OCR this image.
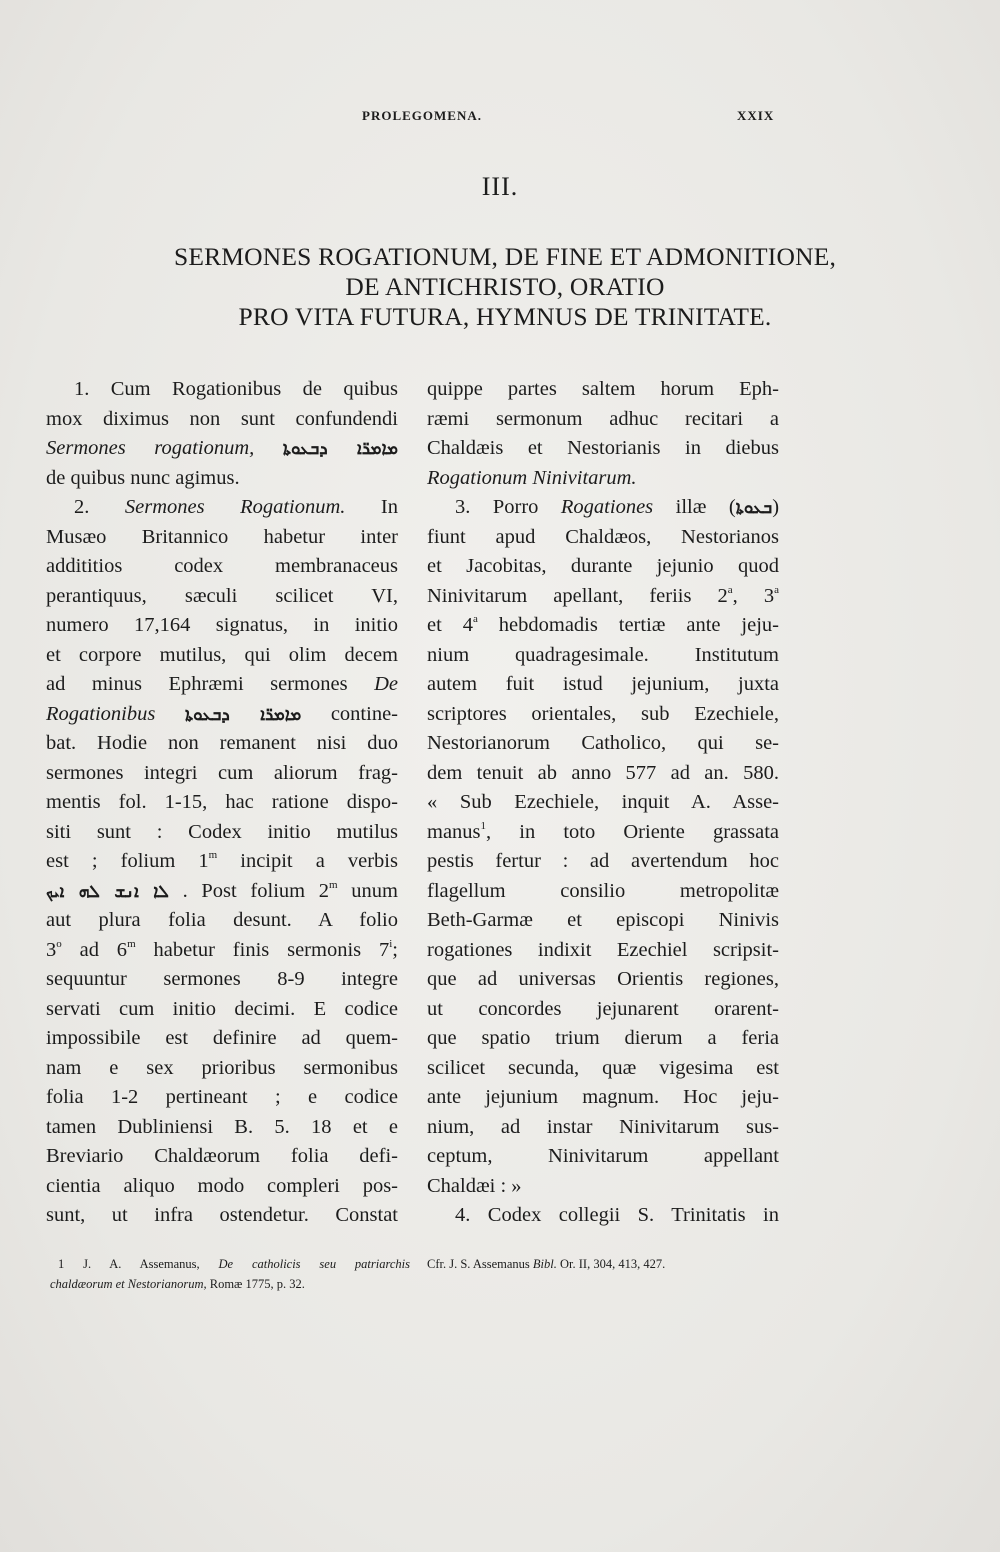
PROLEGOMENA.	XXIX
III.
SERMONES ROGATIONUM, DE FINE ET ADMONITIONE,
DE ANTICHRISTO, ORATIO
PRO VITA FUTURA, HYMNUS DE TRINITATE.
1. Cum Rogationibus de quibus
mox diximus non sunt confundendi
Sermones rogationum, ܡܐܡܪ̈ܐ ܕܒܥܘܬܐ
de quibus nunc agimus.
2. Sermones Rogationum. In
Musæo Britannico habetur inter
addititios codex membranaceus
perantiquus, sæculi scilicet VI,
numero 17,164 signatus, in initio
et corpore mutilus, qui olim decem
ad minus Ephræmi sermones De
Rogationibus ܡܐܡܪ̈ܐ ܕܒܥܘܬܐ contine-
bat. Hodie non remanent nisi duo
sermones integri cum aliorum frag-
mentis fol. 1-15, hac ratione dispo-
siti sunt : Codex initio mutilus
est ; folium 1$^m$ incipit a verbis
ܠܐ ܐܢܫ ܠܗ ܐܝܟ . Post folium 2$^m$ unum
aut plura folia desunt. A folio
3$^o$ ad 6$^m$ habetur finis sermonis 7$^i$;
sequuntur sermones 8-9 integre
servati cum initio decimi. E codice
impossibile est definire ad quem-
nam e sex prioribus sermonibus
folia 1-2 pertineant ; e codice
tamen Dubliniensi B. 5. 18 et e
Breviario Chaldæorum folia defi-
cientia aliquo modo compleri pos-
sunt, ut infra ostendetur. Constat
quippe partes saltem horum Eph-
ræmi sermonum adhuc recitari a
Chaldæis et Nestorianis in diebus
Rogationum Ninivitarum.
3. Porro Rogationes illæ (ܒܥܘܬܐ)
fiunt apud Chaldæos, Nestorianos
et Jacobitas, durante jejunio quod
Ninivitarum apellant, feriis 2$^a$, 3$^a$
et 4$^a$ hebdomadis tertiæ ante jeju-
nium quadragesimale. Institutum
autem fuit istud jejunium, juxta
scriptores orientales, sub Ezechiele,
Nestorianorum Catholico, qui se-
dem tenuit ab anno 577 ad an. 580.
« Sub Ezechiele, inquit A. Asse-
manus$^1$, in toto Oriente grassata
pestis fertur : ad avertendum hoc
flagellum consilio metropolitæ
Beth-Garmæ et episcopi Ninivis
rogationes indixit Ezechiel scripsit-
que ad universas Orientis regiones,
ut concordes jejunarent orarent-
que spatio trium dierum a feria
scilicet secunda, quæ vigesima est
ante jejunium magnum. Hoc jeju-
nium, ad instar Ninivitarum sus-
ceptum, Ninivitarum appellant
Chaldæi : »
4. Codex collegii S. Trinitatis in
1 J. A. Assemanus, De catholicis seu patriarchis
chaldæorum et Nestorianorum, Romæ 1775, p. 32.
Cfr. J. S. Assemanus Bibl. Or. II, 304, 413, 427.
